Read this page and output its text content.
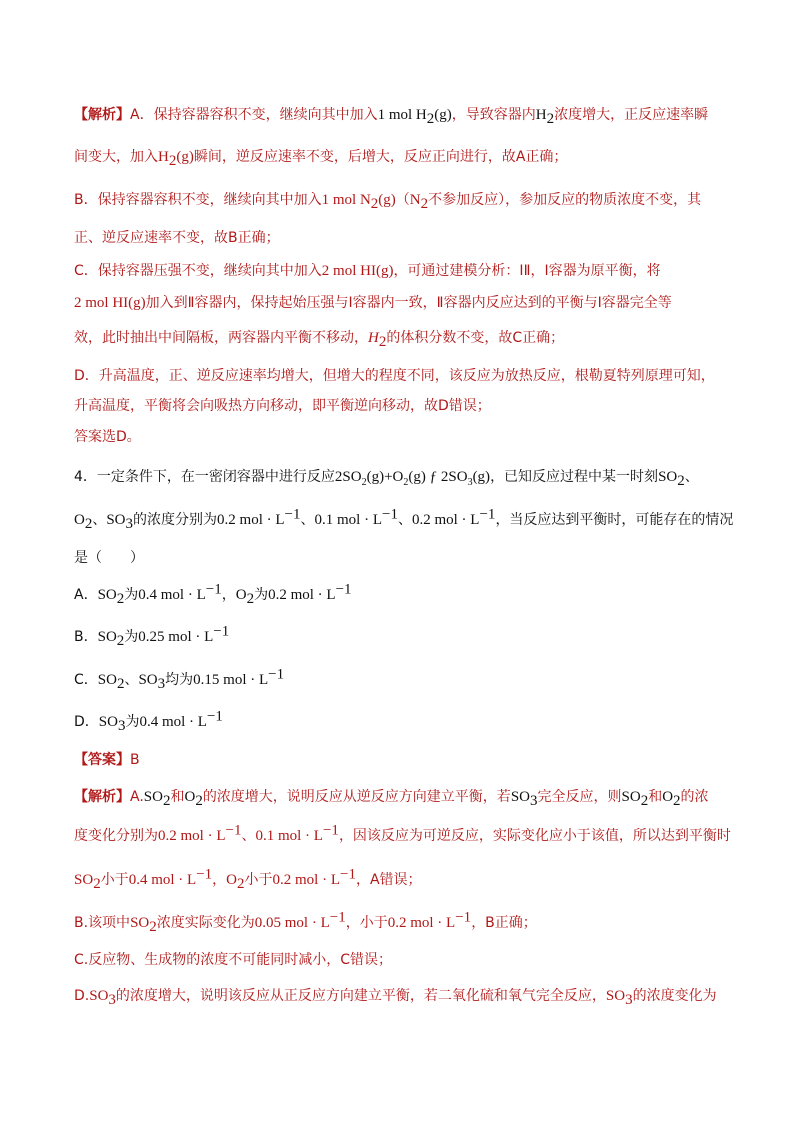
【解析】A．保持容器容积不变，继续向其中加入1 mol $H_2(g)$，导致容器内$H_2$浓度增大，正反应速率瞬
间变大，加入$H_2(g)$瞬间，逆反应速率不变，后增大，反应正向进行，故A正确；
B．保持容器容积不变，继续向其中加入1 mol $N_2(g)(N_2$不参加反应），参加反应的物质浓度不变，其
正、逆反应速率不变，故B正确；
C．保持容器压强不变，继续向其中加入2 mol HI(g)，可通过建模分析：ⅠⅡ，Ⅰ容器为原平衡，将
2 mol HI(g)加入到Ⅱ容器内，保持起始压强与Ⅰ容器内一致，Ⅱ容器内反应达到的平衡与Ⅰ容器完全等
效，此时抽出中间隔板，两容器内平衡不移动，$H_2$的体积分数不变，故C正确；
D．升高温度，正、逆反应速率均增大，但增大的程度不同，该反应为放热反应，根勒夏特列原理可知，
升高温度，平衡将会向吸热方向移动，即平衡逆向移动，故D错误；
答案选D。
4．一定条件下，在一密闭容器中进行反应$2SO_2(g)+O_2(g)$ ƒ $2SO_3(g)$，已知反应过程中某一时刻$SO_2$、
$O_2$、$SO_3$的浓度分别为0.2 mol · $L^{-1}$、0.1 mol · $L^{-1}$、0.2 mol · $L^{-1}$，当反应达到平衡时，可能存在的情况
是（　　）
A．$SO_2$为0.4 mol · $L^{-1}$，$O_2$为0.2 mol · $L^{-1}$
B．$SO_2$为0.25 mol · $L^{-1}$
C．$SO_2$、$SO_3$均为0.15 mol · $L^{-1}$
D．$SO_3$为0.4 mol · $L^{-1}$
【答案】B
【解析】$A.SO_2$和$O_2$的浓度增大，说明反应从逆反应方向建立平衡，若$SO_3$完全反应，则$SO_2$和$O_2$的浓
度变化分别为0.2 mol · $L^{-1}$、0.1 mol · $L^{-1}$，因该反应为可逆反应，实际变化应小于该值，所以达到平衡时
$SO_2$小于0.4 mol · $L^{-1}$，$O_2$小于0.2 mol · $L^{-1}$，A错误；
B.该项中$SO_2$浓度实际变化为0.05 mol · $L^{-1}$，小于0.2 mol · $L^{-1}$，B正确；
C.反应物、生成物的浓度不可能同时减小，C错误；
$D.SO_3$的浓度增大，说明该反应从正反应方向建立平衡，若二氧化硫和氧气完全反应，$SO_3$的浓度变化为
